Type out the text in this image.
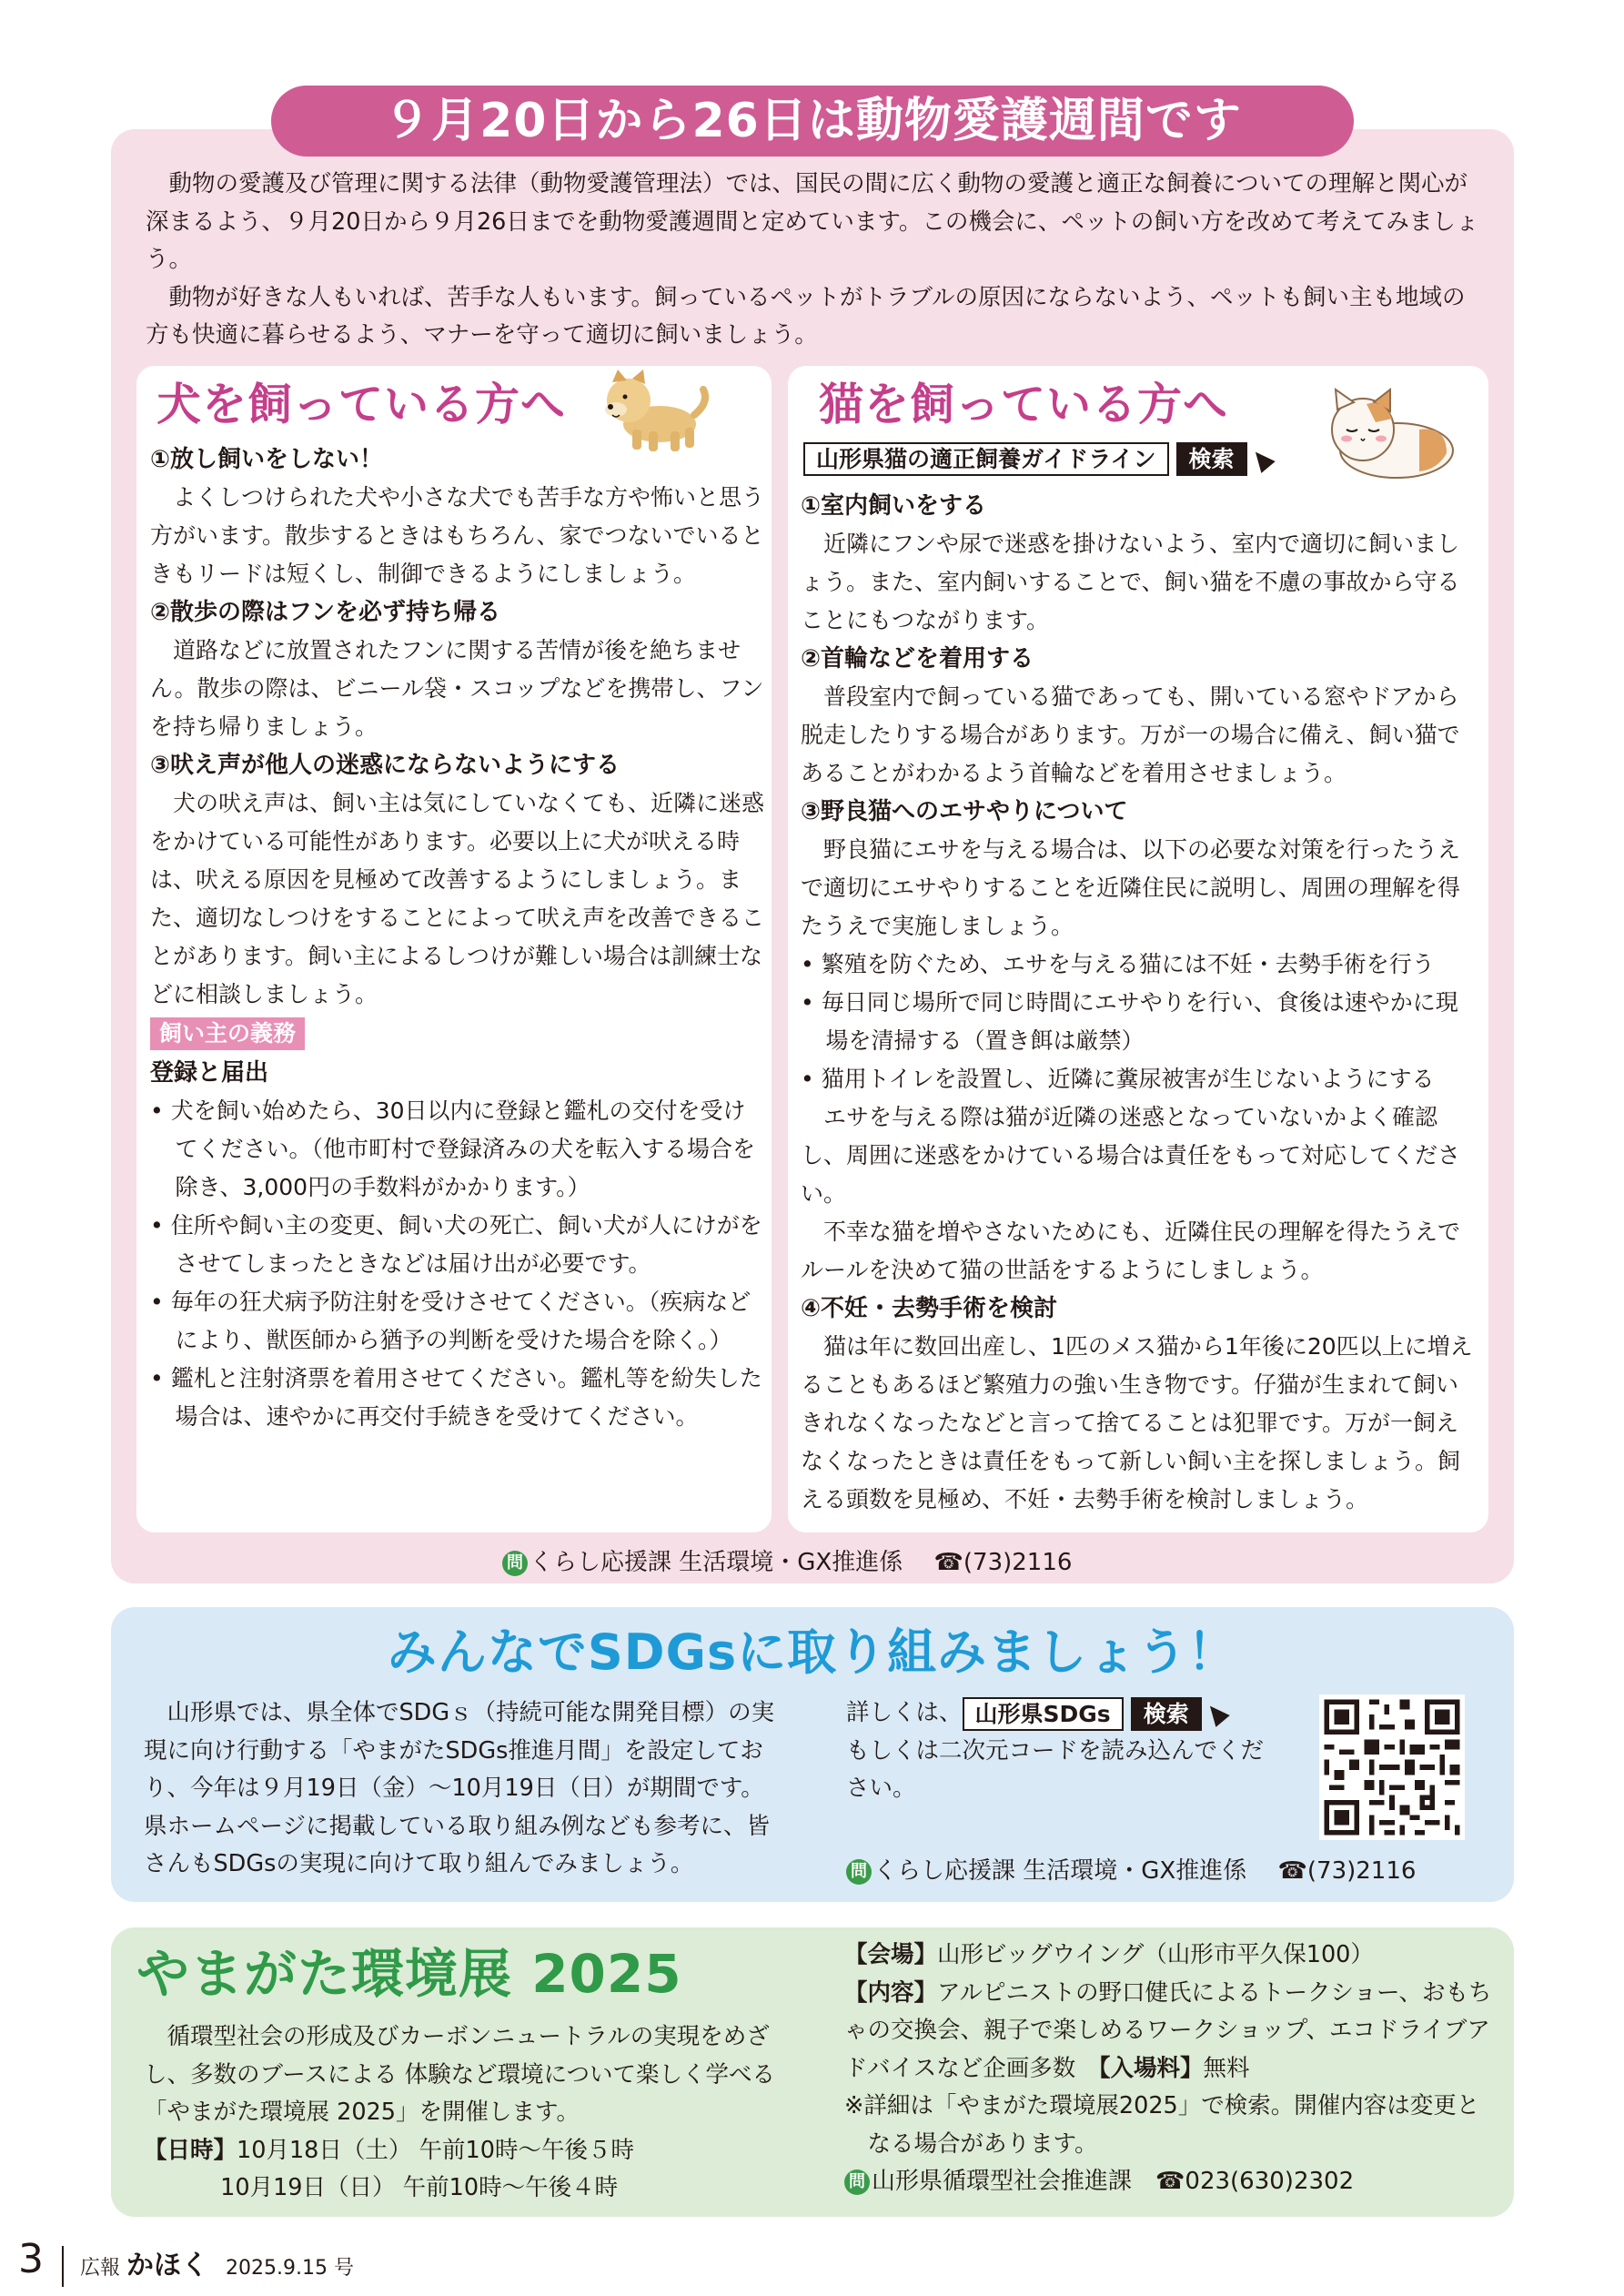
９月20日から26日は動物愛護週間です

動物の愛護及び管理に関する法律（動物愛護管理法）では、国民の間に広く動物の愛護と適正な飼養についての理解と関心が深まるよう、９月20日から９月26日までを動物愛護週間と定めています。この機会に、ペットの飼い方を改めて考えてみましょう。

動物が好きな人もいれば、苦手な人もいます。飼っているペットがトラブルの原因にならないよう、ペットも飼い主も地域の方も快適に暮らせるよう、マナーを守って適切に飼いましょう。

犬を飼っている方へ

①放し飼いをしない！

よくしつけられた犬や小さな犬でも苦手な方や怖いと思う方がいます。散歩するときはもちろん、家でつないでいるときもリードは短くし、制御できるようにしましょう。

②散歩の際はフンを必ず持ち帰る

道路などに放置されたフンに関する苦情が後を絶ちません。散歩の際は、ビニール袋・スコップなどを携帯し、フンを持ち帰りましょう。

③吠え声が他人の迷惑にならないようにする

犬の吠え声は、飼い主は気にしていなくても、近隣に迷惑をかけている可能性があります。必要以上に犬が吠える時は、吠える原因を見極めて改善するようにしましょう。また、適切なしつけをすることによって吠え声を改善できることがあります。飼い主によるしつけが難しい場合は訓練士などに相談しましょう。

飼い主の義務

登録と届出

• 犬を飼い始めたら、30日以内に登録と鑑札の交付を受けてください。（他市町村で登録済みの犬を転入する場合を除き、3,000円の手数料がかかります。）

• 住所や飼い主の変更、飼い犬の死亡、飼い犬が人にけがをさせてしまったときなどは届け出が必要です。

• 毎年の狂犬病予防注射を受けさせてください。（疾病などにより、獣医師から猶予の判断を受けた場合を除く。）

• 鑑札と注射済票を着用させてください。鑑札等を紛失した場合は、速やかに再交付手続きを受けてください。

猫を飼っている方へ
山形県猫の適正飼養ガイドライン 検索

①室内飼いをする

近隣にフンや尿で迷惑を掛けないよう、室内で適切に飼いましょう。また、室内飼いすることで、飼い猫を不慮の事故から守ることにもつながります。

②首輪などを着用する

普段室内で飼っている猫であっても、開いている窓やドアから脱走したりする場合があります。万が一の場合に備え、飼い猫であることがわかるよう首輪などを着用させましょう。

③野良猫へのエサやりについて

野良猫にエサを与える場合は、以下の必要な対策を行ったうえで適切にエサやりすることを近隣住民に説明し、周囲の理解を得たうえで実施しましょう。

• 繁殖を防ぐため、エサを与える猫には不妊・去勢手術を行う

• 毎日同じ場所で同じ時間にエサやりを行い、食後は速やかに現場を清掃する（置き餌は厳禁）

• 猫用トイレを設置し、近隣に糞尿被害が生じないようにする

エサを与える際は猫が近隣の迷惑となっていないかよく確認し、周囲に迷惑をかけている場合は責任をもって対応してください。

不幸な猫を増やさないためにも、近隣住民の理解を得たうえでルールを決めて猫の世話をするようにしましょう。

④不妊・去勢手術を検討

猫は年に数回出産し、1匹のメス猫から1年後に20匹以上に増えることもあるほど繁殖力の強い生き物です。仔猫が生まれて飼いきれなくなったなどと言って捨てることは犯罪です。万が一飼えなくなったときは責任をもって新しい飼い主を探しましょう。飼える頭数を見極め、不妊・去勢手術を検討しましょう。

問 くらし応援課 生活環境・GX推進係 ☎(73)2116
みんなでSDGsに取り組みましょう！

山形県では、県全体でSDGｓ（持続可能な開発目標）の実現に向け行動する「やまがたSDGs推進月間」を設定しており、今年は９月19日（金）～10月19日（日）が期間です。県ホームページに掲載している取り組み例なども参考に、皆さんもSDGsの実現に向けて取り組んでみましょう。

詳しくは、 山形県SDGs 検索
もしくは二次元コードを読み込んでください。
問 くらし応援課 生活環境・GX推進係 ☎(73)2116
やまがた環境展 2025

循環型社会の形成及びカーボンニュートラルの実現をめざし、多数のブースによる 体験など環境について楽しく学べる「やまがた環境展 2025」を開催します。

【日時】10月18日（土） 午前10時～午後５時

10月19日（日） 午前10時～午後４時

【会場】山形ビッグウイング（山形市平久保100）

【内容】アルピニストの野口健氏によるトークショー、おもちゃの交換会、親子で楽しめるワークショップ、エコドライブアドバイスなど企画多数　 【入場料】無料

※詳細は「やまがた環境展2025」で検索。開催内容は変更となる場合があります。

問 山形県循環型社会推進課 ☎023(630)2302

3 広報 かほく 2025.9.15 号
